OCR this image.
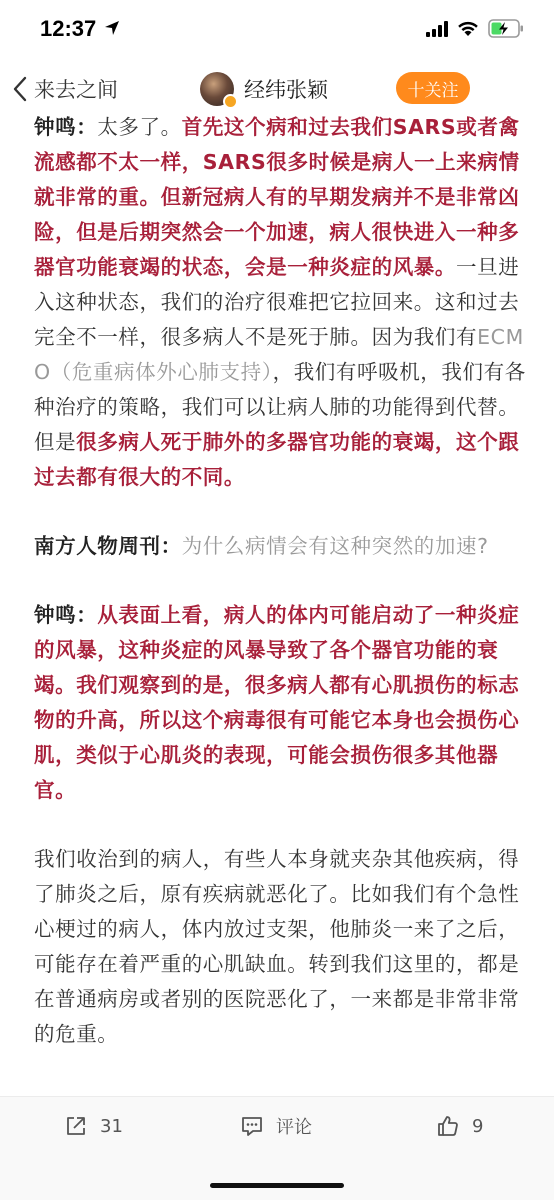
12:37
来去之间	经纬张颖	十关注

钟鸣：太多了。首先这个病和过去我们SARS或者禽流感都不太一样，SARS很多时候是病人一上来病情就非常的重。但新冠病人有的早期发病并不是非常凶险，但是后期突然会一个加速，病人很快进入一种多器官功能衰竭的状态，会是一种炎症的风暴。一旦进入这种状态，我们的治疗很难把它拉回来。这和过去完全不一样，很多病人不是死于肺。因为我们有ECMO（危重病体外心肺支持），我们有呼吸机，我们有各种治疗的策略，我们可以让病人肺的功能得到代替。但是很多病人死于肺外的多器官功能的衰竭，这个跟过去都有很大的不同。

南方人物周刊：为什么病情会有这种突然的加速?

钟鸣：从表面上看，病人的体内可能启动了一种炎症的风暴，这种炎症的风暴导致了各个器官功能的衰竭。我们观察到的是，很多病人都有心肌损伤的标志物的升高，所以这个病毒很有可能它本身也会损伤心肌，类似于心肌炎的表现，可能会损伤很多其他器官。

我们收治到的病人，有些人本身就夹杂其他疾病，得了肺炎之后，原有疾病就恶化了。比如我们有个急性心梗过的病人，体内放过支架，他肺炎一来了之后，可能存在着严重的心肌缺血。转到我们这里的，都是在普通病房或者别的医院恶化了，一来都是非常非常的危重。

31	评论	9
